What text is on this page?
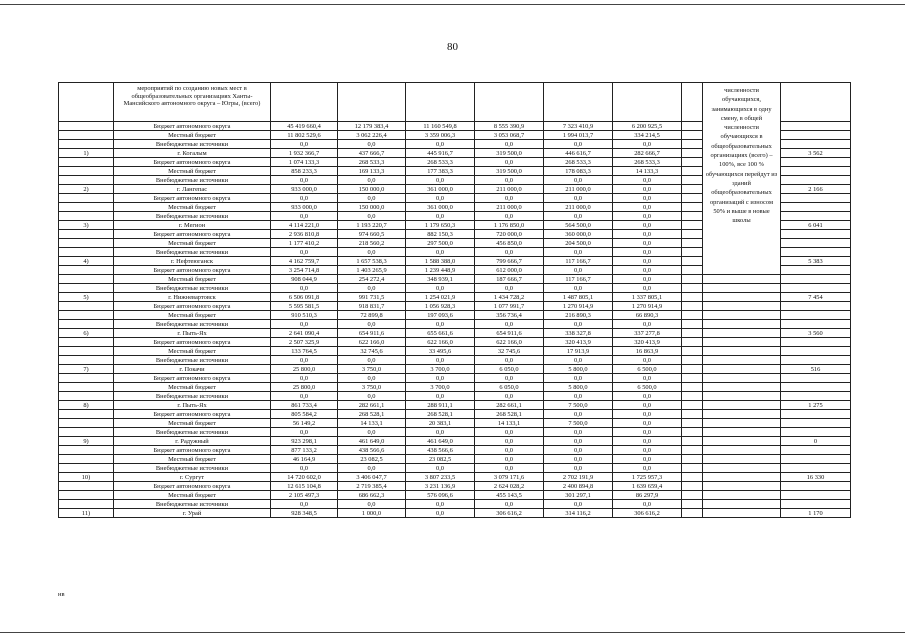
80
	мероприятий по созданию новых мест в общеобразовательных организациях Ханты-Мансийского автономного округа – Югры, (всего)								численности обучающихся, занимающихся в одну смену, в общей численности обучающихся в общеобразовательных организациях (всего) – 100%, все 100 % обучающихся перейдут из зданий общеобразовательных организаций с износом 50% и выше в новые школы	
	Бюджет автономного округа	45 419 660,4	12 179 383,4	11 160 549,8	8 555 390,9	7 323 410,9	6 200 925,5			
	Местный бюджет	11 802 529,6	3 062 226,4	3 359 006,3	3 053 068,7	1 994 013,7	334 214,5			
	Внебюджетные источники	0,0	0,0	0,0	0,0	0,0	0,0			
1)	г. Когалым	1 932 366,7	437 666,7	445 916,7	319 500,0	446 616,7	282 666,7			3 562
	Бюджет автономного округа	1 074 133,3	268 533,3	268 533,3	0,0	268 533,3	268 533,3			
	Местный бюджет	858 233,3	169 133,3	177 383,3	319 500,0	178 083,3	14 133,3			
	Внебюджетные источники	0,0	0,0	0,0	0,0	0,0	0,0			
2)	г. Лангепас	933 000,0	150 000,0	361 000,0	211 000,0	211 000,0	0,0			2 166
	Бюджет автономного округа	0,0	0,0	0,0	0,0	0,0	0,0			
	Местный бюджет	933 000,0	150 000,0	361 000,0	211 000,0	211 000,0	0,0			
	Внебюджетные источники	0,0	0,0	0,0	0,0	0,0	0,0			
3)	г. Мегион	4 114 221,0	1 193 220,7	1 179 650,3	1 176 850,0	564 500,0	0,0			6 041
	Бюджет автономного округа	2 936 810,8	974 660,5	882 150,3	720 000,0	360 000,0	0,0			
	Местный бюджет	1 177 410,2	218 560,2	297 500,0	456 850,0	204 500,0	0,0			
	Внебюджетные источники	0,0	0,0	0,0	0,0	0,0	0,0			
4)	г. Нефтеюганск	4 162 759,7	1 657 538,3	1 588 388,0	799 666,7	117 166,7	0,0			5 383
	Бюджет автономного округа	3 254 714,8	1 403 265,9	1 239 448,9	612 000,0	0,0	0,0			
	Местный бюджет	908 044,9	254 272,4	348 939,1	187 666,7	117 166,7	0,0			
	Внебюджетные источники	0,0	0,0	0,0	0,0	0,0	0,0			
5)	г. Нижневартовск	6 506 091,8	991 731,5	1 254 021,9	1 434 728,2	1 487 805,1	1 337 805,1			7 454
	Бюджет автономного округа	5 595 581,5	918 831,7	1 056 928,3	1 077 991,7	1 270 914,9	1 270 914,9			
	Местный бюджет	910 510,3	72 899,8	197 093,6	356 736,4	216 890,3	66 890,3			
	Внебюджетные источники	0,0	0,0	0,0	0,0	0,0	0,0			
6)	г. Пыть-Ях	2 641 090,4	654 911,6	655 661,6	654 911,6	338 327,8	337 277,8			3 560
	Бюджет автономного округа	2 507 325,9	622 166,0	622 166,0	622 166,0	320 413,9	320 413,9			
	Местный бюджет	133 764,5	32 745,6	33 495,6	32 745,6	17 913,9	16 863,9			
	Внебюджетные источники	0,0	0,0	0,0	0,0	0,0	0,0			
7)	г. Покачи	25 800,0	3 750,0	3 700,0	6 050,0	5 800,0	6 500,0			516
	Бюджет автономного округа	0,0	0,0	0,0	0,0	0,0	0,0			
	Местный бюджет	25 800,0	3 750,0	3 700,0	6 050,0	5 800,0	6 500,0			
	Внебюджетные источники	0,0	0,0	0,0	0,0	0,0	0,0			
8)	г. Пыть-Ях	861 733,4	282 661,1	288 911,1	282 661,1	7 500,0	0,0			1 275
	Бюджет автономного округа	805 584,2	268 528,1	268 528,1	268 528,1	0,0	0,0			
	Местный бюджет	56 149,2	14 133,1	20 383,1	14 133,1	7 500,0	0,0			
	Внебюджетные источники	0,0	0,0	0,0	0,0	0,0	0,0			
9)	г. Радужный	923 298,1	461 649,0	461 649,0	0,0	0,0	0,0			0
	Бюджет автономного округа	877 133,2	438 566,6	438 566,6	0,0	0,0	0,0			
	Местный бюджет	46 164,9	23 082,5	23 082,5	0,0	0,0	0,0			
	Внебюджетные источники	0,0	0,0	0,0	0,0	0,0	0,0			
10)	г. Сургут	14 720 602,0	3 406 047,7	3 807 233,5	3 079 171,6	2 702 191,9	1 725 957,3			16 330
	Бюджет автономного округа	12 615 104,8	2 719 385,4	3 231 136,9	2 624 028,2	2 400 894,8	1 639 659,4			
	Местный бюджет	2 105 497,3	686 662,3	576 096,6	455 143,5	301 297,1	86 297,9			
	Внебюджетные источники	0,0	0,0	0,0	0,0	0,0	0,0			
11)	г. Урай	928 348,5	1 000,0	0,0	306 616,2	314 116,2	306 616,2			1 170
нв
